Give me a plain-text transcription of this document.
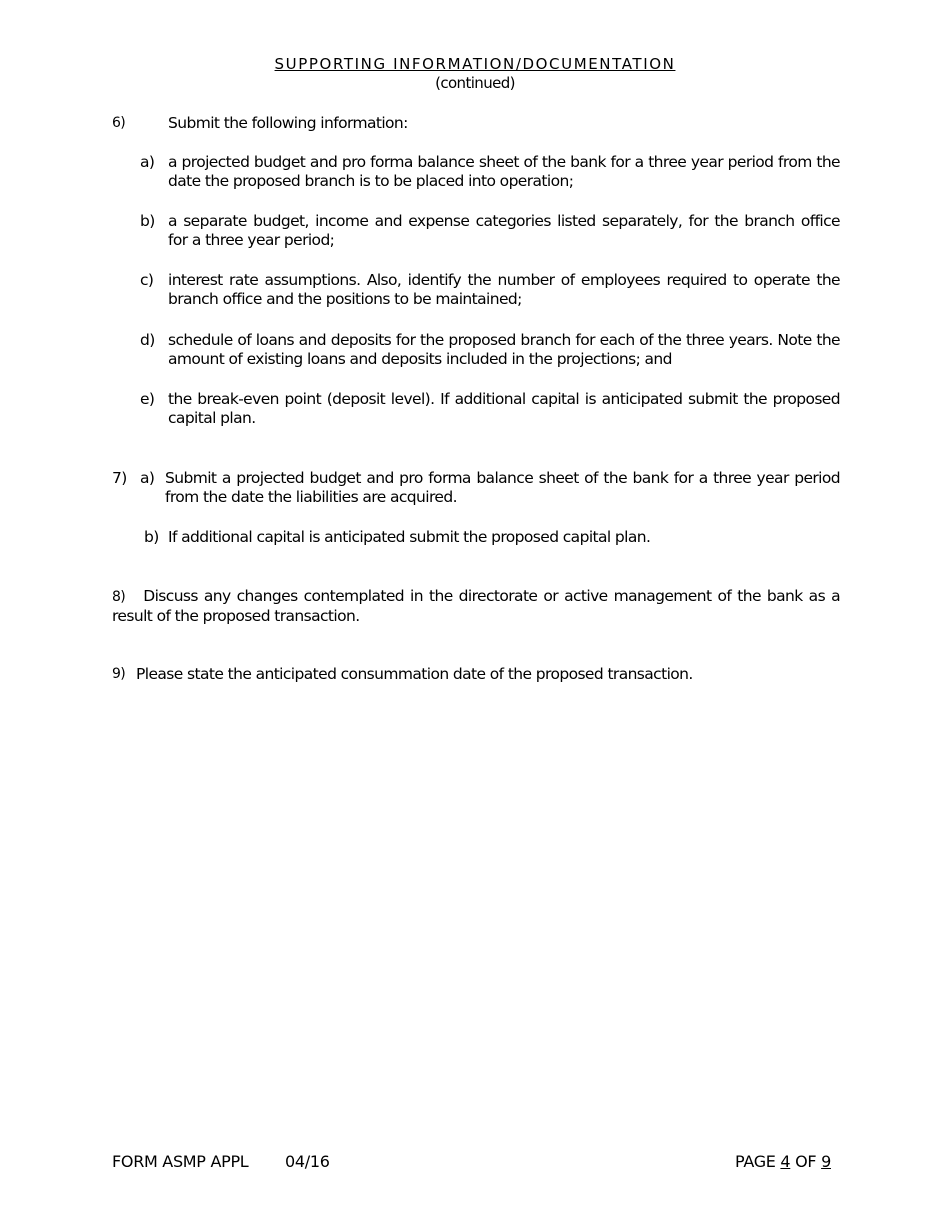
SUPPORTING INFORMATION/DOCUMENTATION
(continued)
6)	Submit the following information:
a) a projected budget and pro forma balance sheet of the bank for a three year period from the date the proposed branch is to be placed into operation;
b) a separate budget, income and expense categories listed separately, for the branch office for a three year period;
c) interest rate assumptions. Also, identify the number of employees required to operate the branch office and the positions to be maintained;
d) schedule of loans and deposits for the proposed branch for each of the three years. Note the amount of existing loans and deposits included in the projections; and
e) the break-even point (deposit level). If additional capital is anticipated submit the proposed capital plan.
7) a) Submit a projected budget and pro forma balance sheet of the bank for a three year period from the date the liabilities are acquired.
b) If additional capital is anticipated submit the proposed capital plan.
8) Discuss any changes contemplated in the directorate or active management of the bank as a result of the proposed transaction.
9) Please state the anticipated consummation date of the proposed transaction.
FORM ASMP APPL 04/16	PAGE 4 OF 9
